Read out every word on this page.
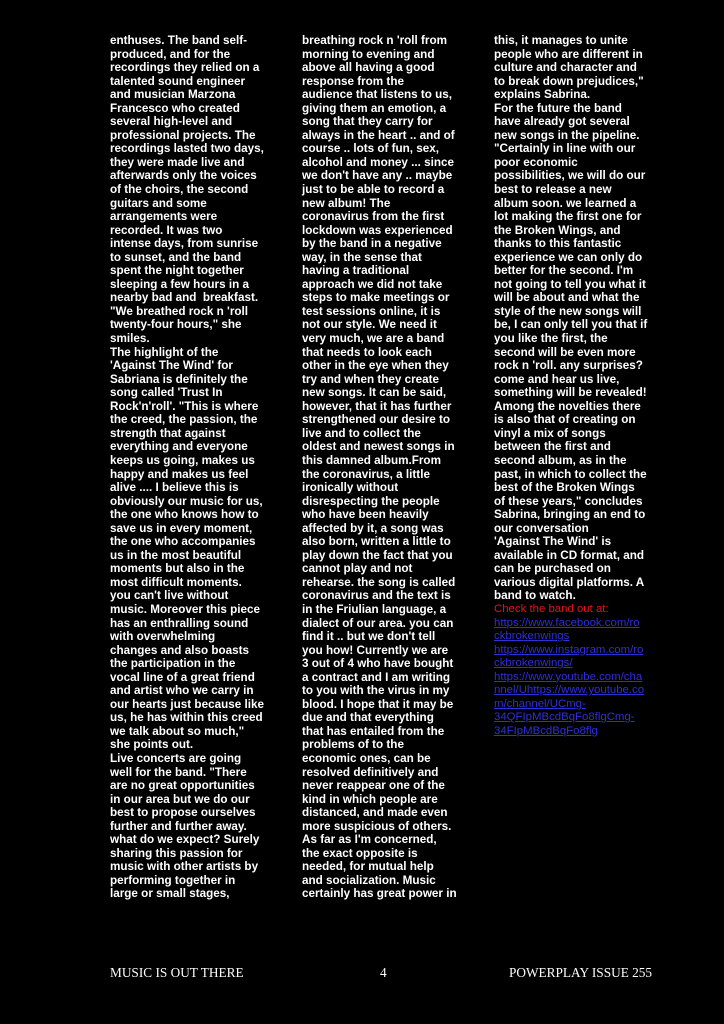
enthuses. The band self-
produced, and for the
recordings they relied on a
talented sound engineer
and musician Marzona
Francesco who created
several high-level and
professional projects. The
recordings lasted two days,
they were made live and
afterwards only the voices
of the choirs, the second
guitars and some
arrangements were
recorded. It was two
intense days, from sunrise
to sunset, and the band
spent the night together
sleeping a few hours in a
nearby bad and  breakfast.
"We breathed rock n 'roll
twenty-four hours," she
smiles.
The highlight of the
'Against The Wind' for
Sabriana is definitely the
song called 'Trust In
Rock'n'roll'. "This is where
the creed, the passion, the
strength that against
everything and everyone
keeps us going, makes us
happy and makes us feel
alive .... I believe this is
obviously our music for us,
the one who knows how to
save us in every moment,
the one who accompanies
us in the most beautiful
moments but also in the
most difficult moments.
you can't live without
music. Moreover this piece
has an enthralling sound
with overwhelming
changes and also boasts
the participation in the
vocal line of a great friend
and artist who we carry in
our hearts just because like
us, he has within this creed
we talk about so much,"
she points out.
Live concerts are going
well for the band. "There
are no great opportunities
in our area but we do our
best to propose ourselves
further and further away.
what do we expect? Surely
sharing this passion for
music with other artists by
performing together in
large or small stages,
breathing rock n 'roll from
morning to evening and
above all having a good
response from the
audience that listens to us,
giving them an emotion, a
song that they carry for
always in the heart .. and of
course .. lots of fun, sex,
alcohol and money ... since
we don't have any .. maybe
just to be able to record a
new album! The
coronavirus from the first
lockdown was experienced
by the band in a negative
way, in the sense that
having a traditional
approach we did not take
steps to make meetings or
test sessions online, it is
not our style. We need it
very much, we are a band
that needs to look each
other in the eye when they
try and when they create
new songs. It can be said,
however, that it has further
strengthened our desire to
live and to collect the
oldest and newest songs in
this damned album.From
the coronavirus, a little
ironically without
disrespecting the people
who have been heavily
affected by it, a song was
also born, written a little to
play down the fact that you
cannot play and not
rehearse. the song is called
coronavirus and the text is
in the Friulian language, a
dialect of our area. you can
find it .. but we don't tell
you how! Currently we are
3 out of 4 who have bought
a contract and I am writing
to you with the virus in my
blood. I hope that it may be
due and that everything
that has entailed from the
problems of to the
economic ones, can be
resolved definitively and
never reappear one of the
kind in which people are
distanced, and made even
more suspicious of others.
As far as I'm concerned,
the exact opposite is
needed, for mutual help
and socialization. Music
certainly has great power in
this, it manages to unite
people who are different in
culture and character and
to break down prejudices,"
explains Sabrina.
For the future the band
have already got several
new songs in the pipeline.
"Certainly in line with our
poor economic
possibilities, we will do our
best to release a new
album soon. we learned a
lot making the first one for
the Broken Wings, and
thanks to this fantastic
experience we can only do
better for the second. I'm
not going to tell you what it
will be about and what the
style of the new songs will
be, I can only tell you that if
you like the first, the
second will be even more
rock n 'roll. any surprises?
come and hear us live,
something will be revealed!
Among the novelties there
is also that of creating on
vinyl a mix of songs
between the first and
second album, as in the
past, in which to collect the
best of the Broken Wings
of these years," concludes
Sabrina, bringing an end to
our conversation
'Against The Wind' is
available in CD format, and
can be purchased on
various digital platforms. A
band to watch.
Check the band out at:
https://www.facebook.com/ro
ckbrokenwings
https://www.instagram.com/ro
ckbrokenwings/
https://www.youtube.com/cha
nnel/Uhttps://www.youtube.co
m/channel/UCmg-
34QFIpMBcdBqFo8flgCmg-
34FIpMBcdBqFo8flg
MUSIC IS OUT THERE	4	POWERPLAY ISSUE 255
